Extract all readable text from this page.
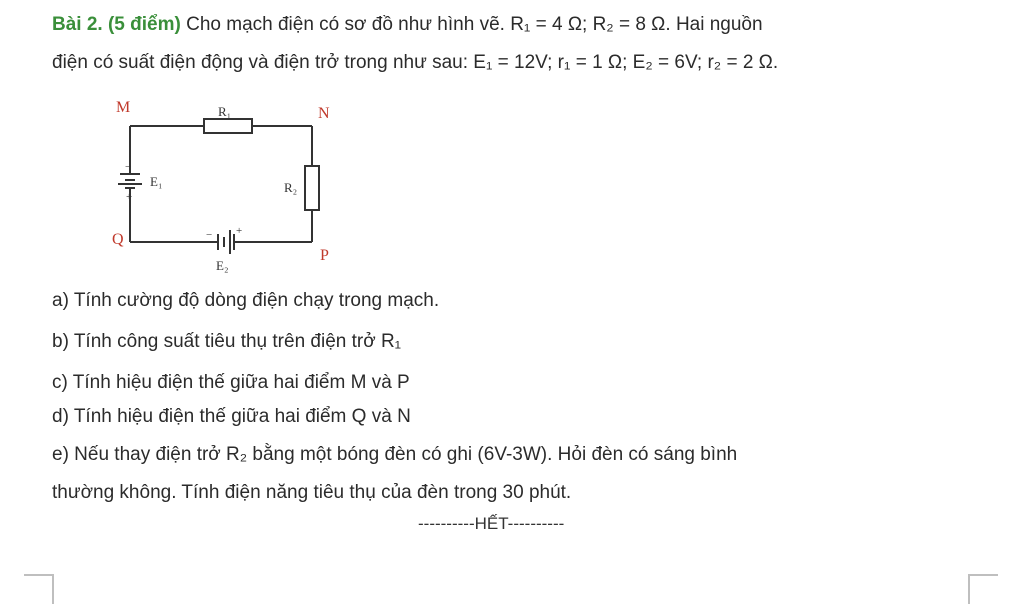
Bài 2. (5 điểm) Cho mạch điện có sơ đồ như hình vẽ. R₁ = 4 Ω; R₂ = 8 Ω. Hai nguồn
điện có suất điện động và điện trở trong như sau: E₁ = 12V; r₁ = 1 Ω; E₂ = 6V; r₂ = 2 Ω.
M	N
P
Q
R₁
R₂
E₁
E₂
−
+
− +
a) Tính cường độ dòng điện chạy trong mạch.
b) Tính công suất tiêu thụ trên điện trở R₁
c) Tính hiệu điện thế giữa hai điểm M và P
d) Tính hiệu điện thế giữa hai điểm Q và N
e) Nếu thay điện trở R₂ bằng một bóng đèn có ghi (6V-3W). Hỏi đèn có sáng bình
thường không. Tính điện năng tiêu thụ của đèn trong 30 phút.
----------HẾT----------
